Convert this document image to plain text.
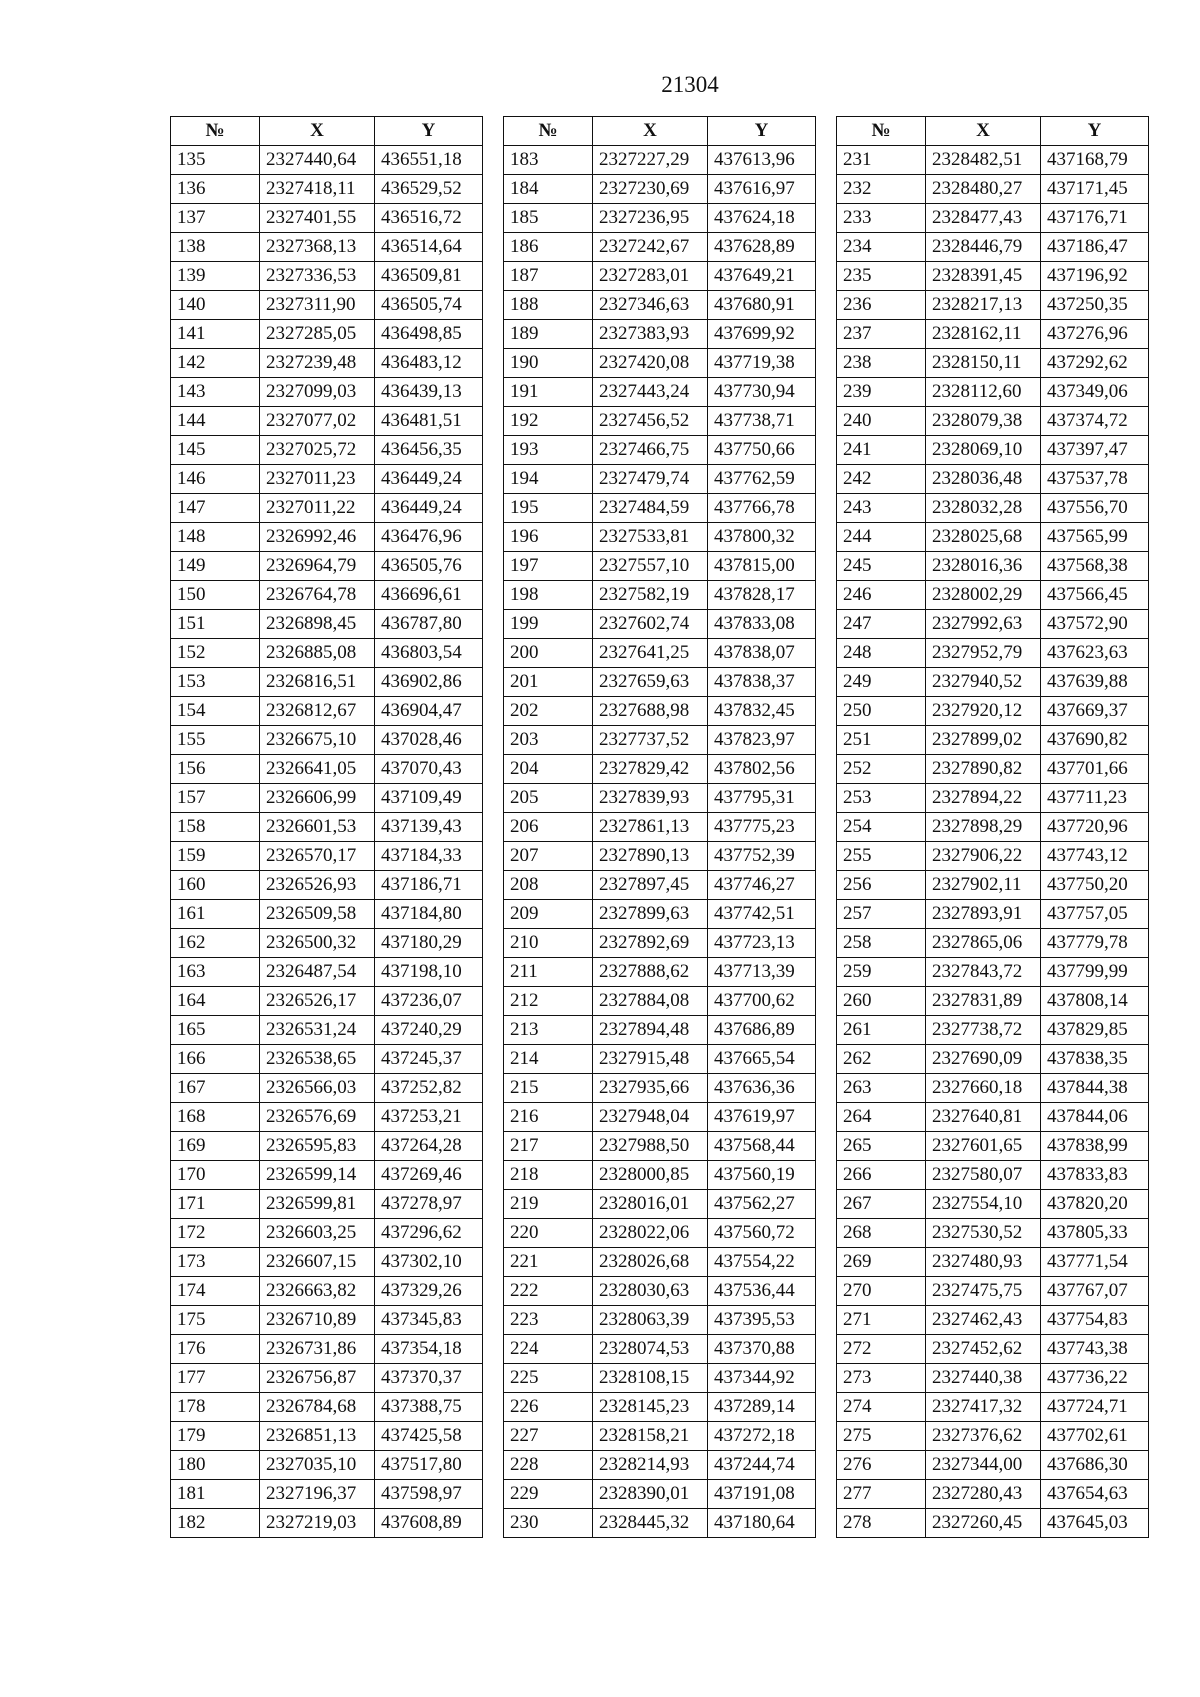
21304
№	X	Y
135	2327440,64	436551,18
136	2327418,11	436529,52
137	2327401,55	436516,72
138	2327368,13	436514,64
139	2327336,53	436509,81
140	2327311,90	436505,74
141	2327285,05	436498,85
142	2327239,48	436483,12
143	2327099,03	436439,13
144	2327077,02	436481,51
145	2327025,72	436456,35
146	2327011,23	436449,24
147	2327011,22	436449,24
148	2326992,46	436476,96
149	2326964,79	436505,76
150	2326764,78	436696,61
151	2326898,45	436787,80
152	2326885,08	436803,54
153	2326816,51	436902,86
154	2326812,67	436904,47
155	2326675,10	437028,46
156	2326641,05	437070,43
157	2326606,99	437109,49
158	2326601,53	437139,43
159	2326570,17	437184,33
160	2326526,93	437186,71
161	2326509,58	437184,80
162	2326500,32	437180,29
163	2326487,54	437198,10
164	2326526,17	437236,07
165	2326531,24	437240,29
166	2326538,65	437245,37
167	2326566,03	437252,82
168	2326576,69	437253,21
169	2326595,83	437264,28
170	2326599,14	437269,46
171	2326599,81	437278,97
172	2326603,25	437296,62
173	2326607,15	437302,10
174	2326663,82	437329,26
175	2326710,89	437345,83
176	2326731,86	437354,18
177	2326756,87	437370,37
178	2326784,68	437388,75
179	2326851,13	437425,58
180	2327035,10	437517,80
181	2327196,37	437598,97
182	2327219,03	437608,89
№	X	Y
183	2327227,29	437613,96
184	2327230,69	437616,97
185	2327236,95	437624,18
186	2327242,67	437628,89
187	2327283,01	437649,21
188	2327346,63	437680,91
189	2327383,93	437699,92
190	2327420,08	437719,38
191	2327443,24	437730,94
192	2327456,52	437738,71
193	2327466,75	437750,66
194	2327479,74	437762,59
195	2327484,59	437766,78
196	2327533,81	437800,32
197	2327557,10	437815,00
198	2327582,19	437828,17
199	2327602,74	437833,08
200	2327641,25	437838,07
201	2327659,63	437838,37
202	2327688,98	437832,45
203	2327737,52	437823,97
204	2327829,42	437802,56
205	2327839,93	437795,31
206	2327861,13	437775,23
207	2327890,13	437752,39
208	2327897,45	437746,27
209	2327899,63	437742,51
210	2327892,69	437723,13
211	2327888,62	437713,39
212	2327884,08	437700,62
213	2327894,48	437686,89
214	2327915,48	437665,54
215	2327935,66	437636,36
216	2327948,04	437619,97
217	2327988,50	437568,44
218	2328000,85	437560,19
219	2328016,01	437562,27
220	2328022,06	437560,72
221	2328026,68	437554,22
222	2328030,63	437536,44
223	2328063,39	437395,53
224	2328074,53	437370,88
225	2328108,15	437344,92
226	2328145,23	437289,14
227	2328158,21	437272,18
228	2328214,93	437244,74
229	2328390,01	437191,08
230	2328445,32	437180,64
№	X	Y
231	2328482,51	437168,79
232	2328480,27	437171,45
233	2328477,43	437176,71
234	2328446,79	437186,47
235	2328391,45	437196,92
236	2328217,13	437250,35
237	2328162,11	437276,96
238	2328150,11	437292,62
239	2328112,60	437349,06
240	2328079,38	437374,72
241	2328069,10	437397,47
242	2328036,48	437537,78
243	2328032,28	437556,70
244	2328025,68	437565,99
245	2328016,36	437568,38
246	2328002,29	437566,45
247	2327992,63	437572,90
248	2327952,79	437623,63
249	2327940,52	437639,88
250	2327920,12	437669,37
251	2327899,02	437690,82
252	2327890,82	437701,66
253	2327894,22	437711,23
254	2327898,29	437720,96
255	2327906,22	437743,12
256	2327902,11	437750,20
257	2327893,91	437757,05
258	2327865,06	437779,78
259	2327843,72	437799,99
260	2327831,89	437808,14
261	2327738,72	437829,85
262	2327690,09	437838,35
263	2327660,18	437844,38
264	2327640,81	437844,06
265	2327601,65	437838,99
266	2327580,07	437833,83
267	2327554,10	437820,20
268	2327530,52	437805,33
269	2327480,93	437771,54
270	2327475,75	437767,07
271	2327462,43	437754,83
272	2327452,62	437743,38
273	2327440,38	437736,22
274	2327417,32	437724,71
275	2327376,62	437702,61
276	2327344,00	437686,30
277	2327280,43	437654,63
278	2327260,45	437645,03
